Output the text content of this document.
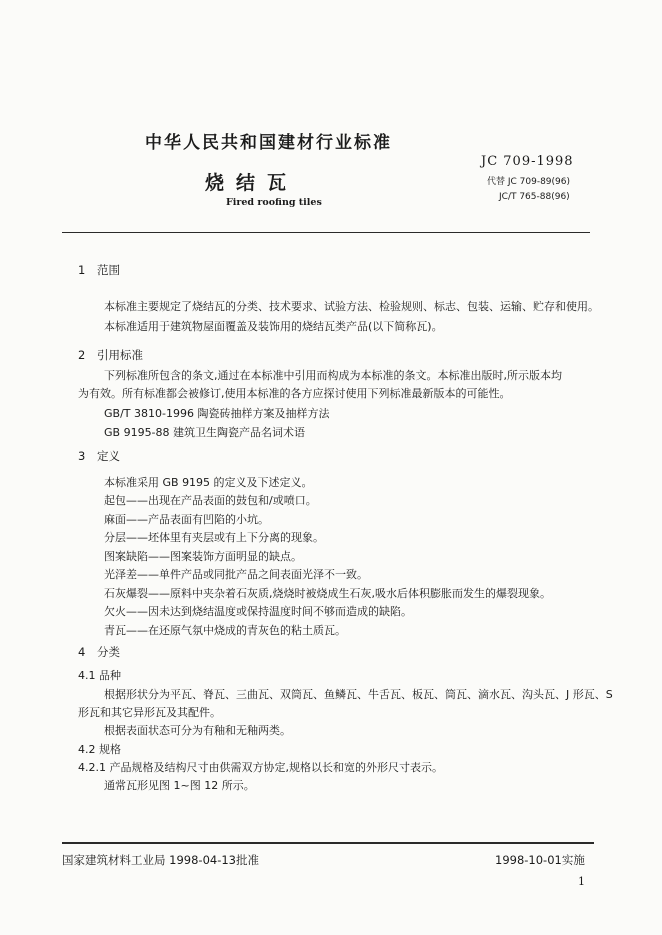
中华人民共和国建材行业标准
烧结瓦
Fired roofing tiles
JC 709-1998
代替 JC 709-89(96)
JC/T 765-88(96)
1 范围
本标准主要规定了烧结瓦的分类、技术要求、试验方法、检验规则、标志、包装、运输、贮存和使用。
本标准适用于建筑物屋面覆盖及装饰用的烧结瓦类产品(以下简称瓦)。
2 引用标准
下列标准所包含的条文,通过在本标准中引用而构成为本标准的条文。本标准出版时,所示版本均
为有效。所有标准都会被修订,使用本标准的各方应探讨使用下列标准最新版本的可能性。
GB/T 3810-1996 陶瓷砖抽样方案及抽样方法
GB 9195-88 建筑卫生陶瓷产品名词术语
3 定义
本标准采用 GB 9195 的定义及下述定义。
起包——出现在产品表面的鼓包和/或喷口。
麻面——产品表面有凹陷的小坑。
分层——坯体里有夹层或有上下分离的现象。
图案缺陷——图案装饰方面明显的缺点。
光泽差——单件产品或同批产品之间表面光泽不一致。
石灰爆裂——原料中夹杂着石灰质,烧烧时被烧成生石灰,吸水后体积膨胀而发生的爆裂现象。
欠火——因未达到烧结温度或保持温度时间不够而造成的缺陷。
青瓦——在还原气氛中烧成的青灰色的粘土质瓦。
4 分类
4.1 品种
根据形状分为平瓦、脊瓦、三曲瓦、双筒瓦、鱼鳞瓦、牛舌瓦、板瓦、筒瓦、滴水瓦、沟头瓦、J 形瓦、S
形瓦和其它异形瓦及其配件。
根据表面状态可分为有釉和无釉两类。
4.2 规格
4.2.1 产品规格及结构尺寸由供需双方协定,规格以长和宽的外形尺寸表示。
通常瓦形见图 1~图 12 所示。
国家建筑材料工业局 1998-04-13批准	1998-10-01实施
1
